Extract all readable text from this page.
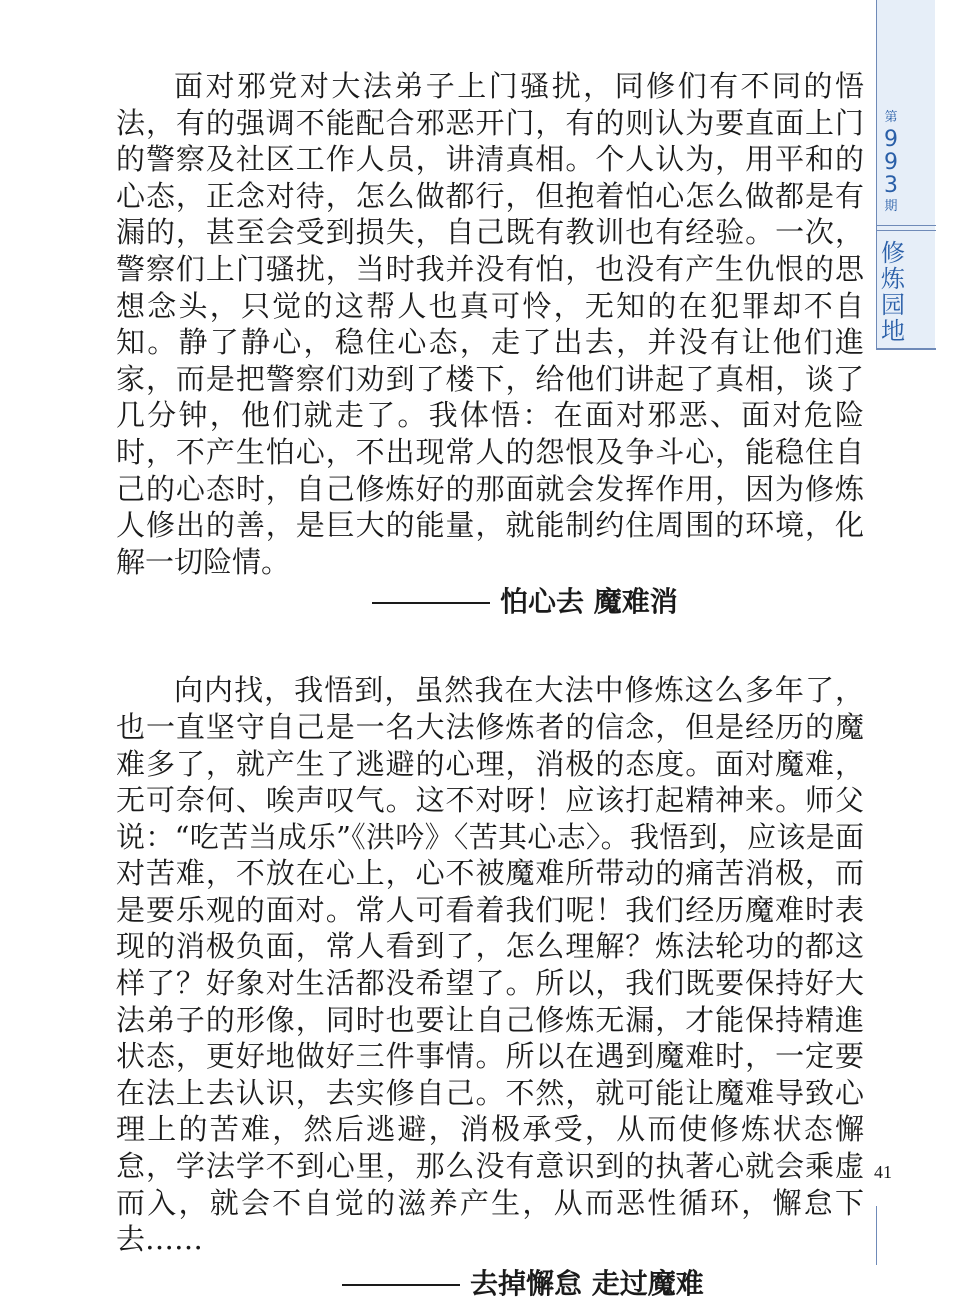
面对邪党对大法弟子上门骚扰，同修们有不同的悟法，有的强调不能配合邪恶开门，有的则认为要直面上门的警察及社区工作人员，讲清真相。个人认为，用平和的心态，正念对待，怎么做都行，但抱着怕心怎么做都是有漏的，甚至会受到损失，自己既有教训也有经验。一次，警察们上门骚扰，当时我并没有怕，也没有产生仇恨的思想念头，只觉的这帮人也真可怜，无知的在犯罪却不自知。静了静心，稳住心态，走了出去，并没有让他们進家，而是把警察们劝到了楼下，给他们讲起了真相，谈了几分钟，他们就走了。我体悟：在面对邪恶、面对危险时，不产生怕心，不出现常人的怨恨及争斗心，能稳住自己的心态时，自己修炼好的那面就会发挥作用，因为修炼人修出的善，是巨大的能量，就能制约住周围的环境，化解一切险情。

怕心去 魔难消

向内找，我悟到，虽然我在大法中修炼这么多年了，也一直坚守自己是一名大法修炼者的信念，但是经历的魔难多了，就产生了逃避的心理，消极的态度。面对魔难，无可奈何、唉声叹气。这不对呀！应该打起精神来。师父说：“吃苦当成乐”《洪吟》〈苦其心志〉。我悟到，应该是面对苦难，不放在心上，心不被魔难所带动的痛苦消极，而是要乐观的面对。常人可看着我们呢！我们经历魔难时表现的消极负面，常人看到了，怎么理解？炼法轮功的都这样了？好象对生活都没希望了。所以，我们既要保持好大法弟子的形像，同时也要让自己修炼无漏，才能保持精進状态，更好地做好三件事情。所以在遇到魔难时，一定要在法上去认识，去实修自己。不然，就可能让魔难导致心理上的苦难，然后逃避，消极承受，从而使修炼状态懈怠，学法学不到心里，那么没有意识到的执著心就会乘虚而入，就会不自觉的滋养产生，从而恶性循环，懈怠下去……

去掉懈怠 走过魔难

第
9
9
3
期
修
炼
园
地
41
